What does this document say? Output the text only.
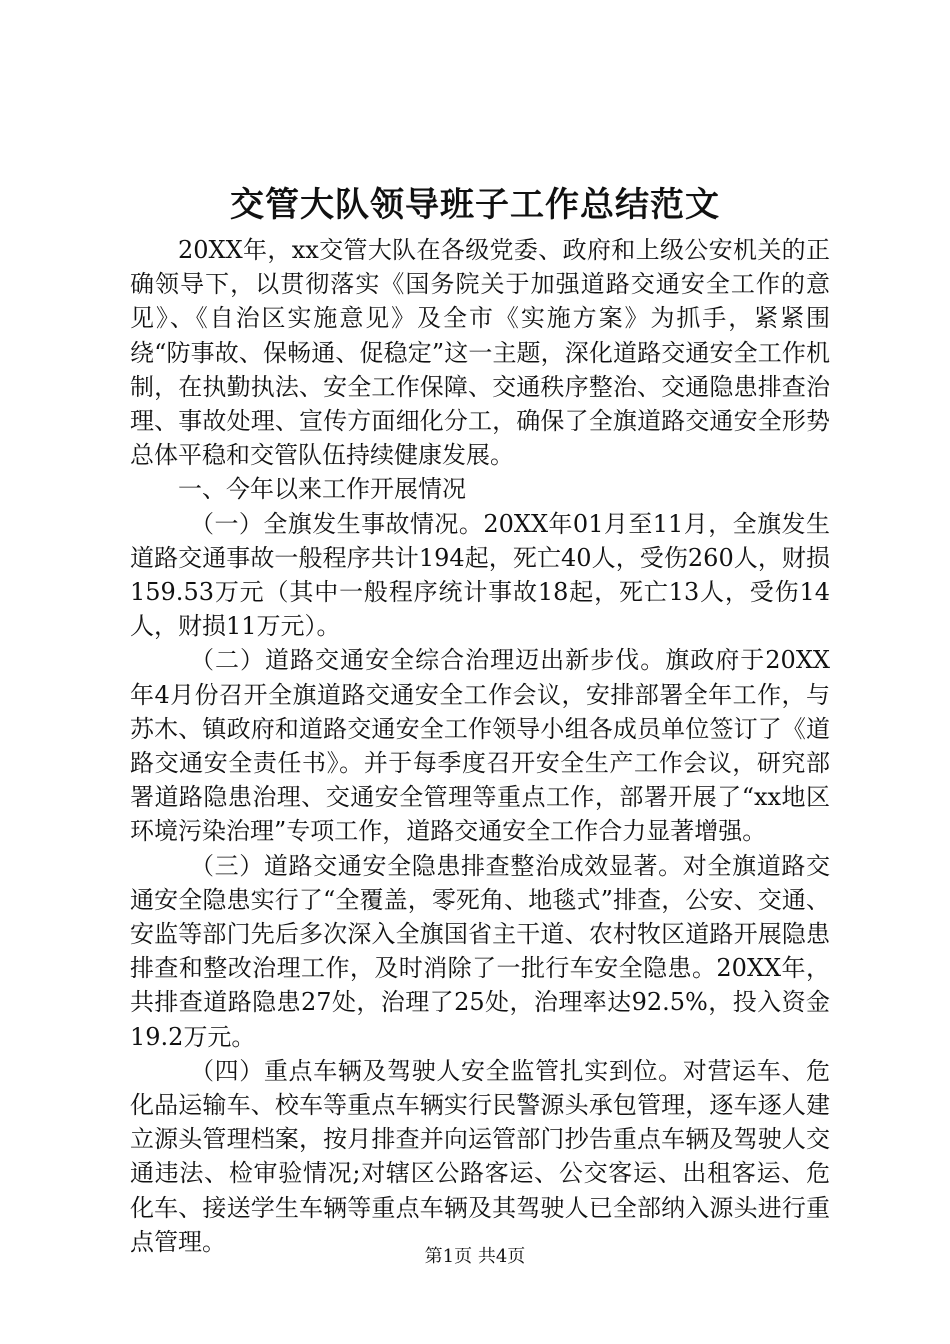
交管大队领导班子工作总结范文

20XX年，xx交管大队在各级党委、政府和上级公安机关的正确领导下，以贯彻落实《国务院关于加强道路交通安全工作的意见》、《自治区实施意见》及全市《实施方案》为抓手，紧紧围绕“防事故、保畅通、促稳定”这一主题，深化道路交通安全工作机制，在执勤执法、安全工作保障、交通秩序整治、交通隐患排查治理、事故处理、宣传方面细化分工，确保了全旗道路交通安全形势总体平稳和交管队伍持续健康发展。

一、今年以来工作开展情况

（一）全旗发生事故情况。20XX年01月至11月，全旗发生道路交通事故一般程序共计194起，死亡40人，受伤260人，财损159.53万元（其中一般程序统计事故18起，死亡13人，受伤14人，财损11万元）。

（二）道路交通安全综合治理迈出新步伐。旗政府于20XX年4月份召开全旗道路交通安全工作会议，安排部署全年工作，与苏木、镇政府和道路交通安全工作领导小组各成员单位签订了《道路交通安全责任书》。并于每季度召开安全生产工作会议，研究部署道路隐患治理、交通安全管理等重点工作，部署开展了“xx地区环境污染治理”专项工作，道路交通安全工作合力显著增强。

（三）道路交通安全隐患排查整治成效显著。对全旗道路交通安全隐患实行了“全覆盖，零死角、地毯式”排查，公安、交通、安监等部门先后多次深入全旗国省主干道、农村牧区道路开展隐患排查和整改治理工作，及时消除了一批行车安全隐患。20XX年，共排查道路隐患27处，治理了25处，治理率达92.5%，投入资金19.2万元。

（四）重点车辆及驾驶人安全监管扎实到位。对营运车、危化品运输车、校车等重点车辆实行民警源头承包管理，逐车逐人建立源头管理档案，按月排查并向运管部门抄告重点车辆及驾驶人交通违法、检审验情况;对辖区公路客运、公交客运、出租客运、危化车、接送学生车辆等重点车辆及其驾驶人已全部纳入源头进行重点管理。

第1页 共4页
